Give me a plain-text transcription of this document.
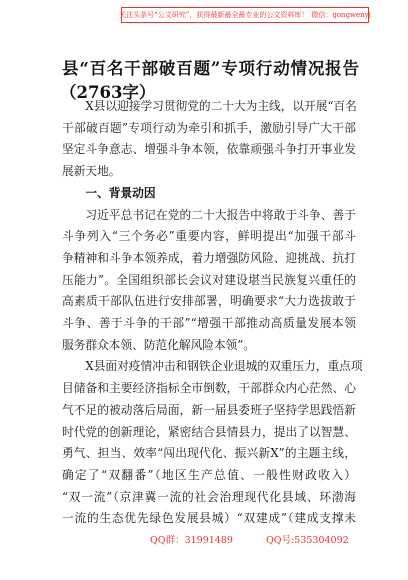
关注头条号“公文研究”，获得最新最全最专业的公文资料库！ 微信：gongwenyj
县“百名干部破百题”专项行动情况报告
（2763字）
X县以迎接学习贯彻党的二十大为主线，以开展“百名
干部破百题”专项行动为牵引和抓手，激励引导广大干部
坚定斗争意志、增强斗争本领，依靠顽强斗争打开事业发
展新天地。
一、背景动因
习近平总书记在党的二十大报告中将敢于斗争、善于
斗争列入“三个务必”重要内容，鲜明提出“加强干部斗
争精神和斗争本领养成，着力增强防风险、迎挑战、抗打
压能力”。全国组织部长会议对建设堪当民族复兴重任的
高素质干部队伍进行安排部署，明确要求“大力选拔敢于
斗争、善于斗争的干部”“增强干部推动高质量发展本领
服务群众本领、防范化解风险本领”。
X县面对疫情冲击和钢铁企业退城的双重压力，重点项
目储备和主要经济指标全市倒数，干部群众内心茫然、心
气不足的被动落后局面，新一届县委班子坚持学思践悟新
时代党的创新理论，紧密结合县情县力，提出了以智慧、
勇气、担当、效率“闯出现代化、振兴新X”的主题主线，
确定了“双翻番”（地区生产总值、一般性财政收入）
“双一流”（京津冀一流的社会治理现代化县域、环渤海
一流的生态优先绿色发展县城）“双建成”（建成支撑未
QQ群：31991489	QQ号:535304092
